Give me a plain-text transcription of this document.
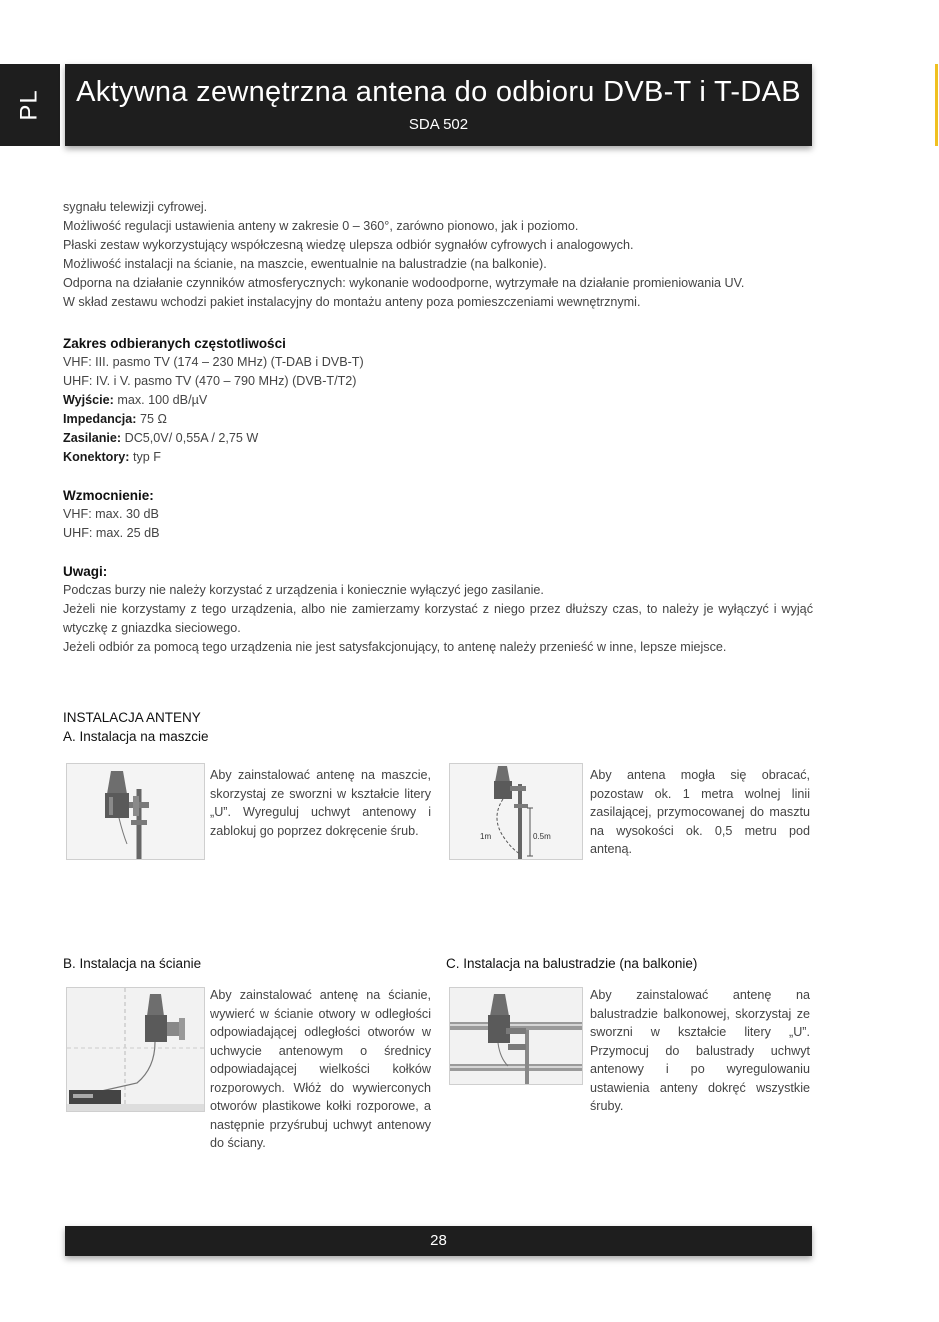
PL	Aktywna zewnętrzna antena do odbioru DVB-T i T-DAB
SDA 502

sygnału telewizji cyfrowej.

Możliwość regulacji ustawienia anteny w zakresie 0 – 360°, zarówno pionowo, jak i poziomo.

Płaski zestaw wykorzystujący współczesną wiedzę ulepsza odbiór sygnałów cyfrowych i analogowych.

Możliwość instalacji na ścianie, na maszcie, ewentualnie na balustradzie (na balkonie).

Odporna na działanie czynników atmosferycznych: wykonanie wodoodporne, wytrzymałe na działanie promieniowania UV.

W skład zestawu wchodzi pakiet instalacyjny do montażu anteny poza pomieszczeniami wewnętrznymi.

Zakres odbieranych częstotliwości

VHF: III. pasmo TV (174 – 230 MHz) (T-DAB i DVB-T)

UHF: IV. i V. pasmo TV (470 – 790 MHz) (DVB-T/T2)

Wyjście: max. 100 dB/µV

Impedancja: 75 Ω

Zasilanie: DC5,0V/ 0,55A / 2,75 W

Konektory: typ F

Wzmocnienie:

VHF: max. 30 dB

UHF: max. 25 dB

Uwagi:

Podczas burzy nie należy korzystać z urządzenia i koniecznie wyłączyć jego zasilanie.

Jeżeli nie korzystamy z tego urządzenia, albo nie zamierzamy korzystać z niego przez dłuższy czas, to należy je wyłączyć i wyjąć wtyczkę z gniazdka sieciowego.

Jeżeli odbiór za pomocą tego urządzenia nie jest satysfakcjonujący, to antenę należy przenieść w inne, lepsze miejsce.

INSTALACJA ANTENY
A. Instalacja na maszcie
Aby zainstalować antenę na maszcie, skorzystaj ze sworzni w kształcie litery „U”. Wyreguluj uchwyt antenowy i zablokuj go poprzez dokręcenie śrub.	1m	0.5m
Aby antena mogła się obracać, pozostaw ok. 1 metra wolnej linii zasilającej, przymocowanej do masztu na wysokości ok. 0,5 metru pod anteną.
B. Instalacja na ścianie
Aby zainstalować antenę na ścianie, wywierć w ścianie otwory w odległości odpowiadającej odległości otworów w uchwycie antenowym o średnicy odpowiadającej wielkości kołków rozporowych. Włóż do wywierconych otworów plastikowe kołki rozporowe, a następnie przyśrubuj uchwyt antenowy do ściany.
C. Instalacja na balustradzie (na balkonie)
Aby zainstalować antenę na balustradzie balkonowej, skorzystaj ze sworzni w kształcie litery „U”. Przymocuj do balustrady uchwyt antenowy i po wyregulowaniu ustawienia anteny dokręć wszystkie śruby.
28
